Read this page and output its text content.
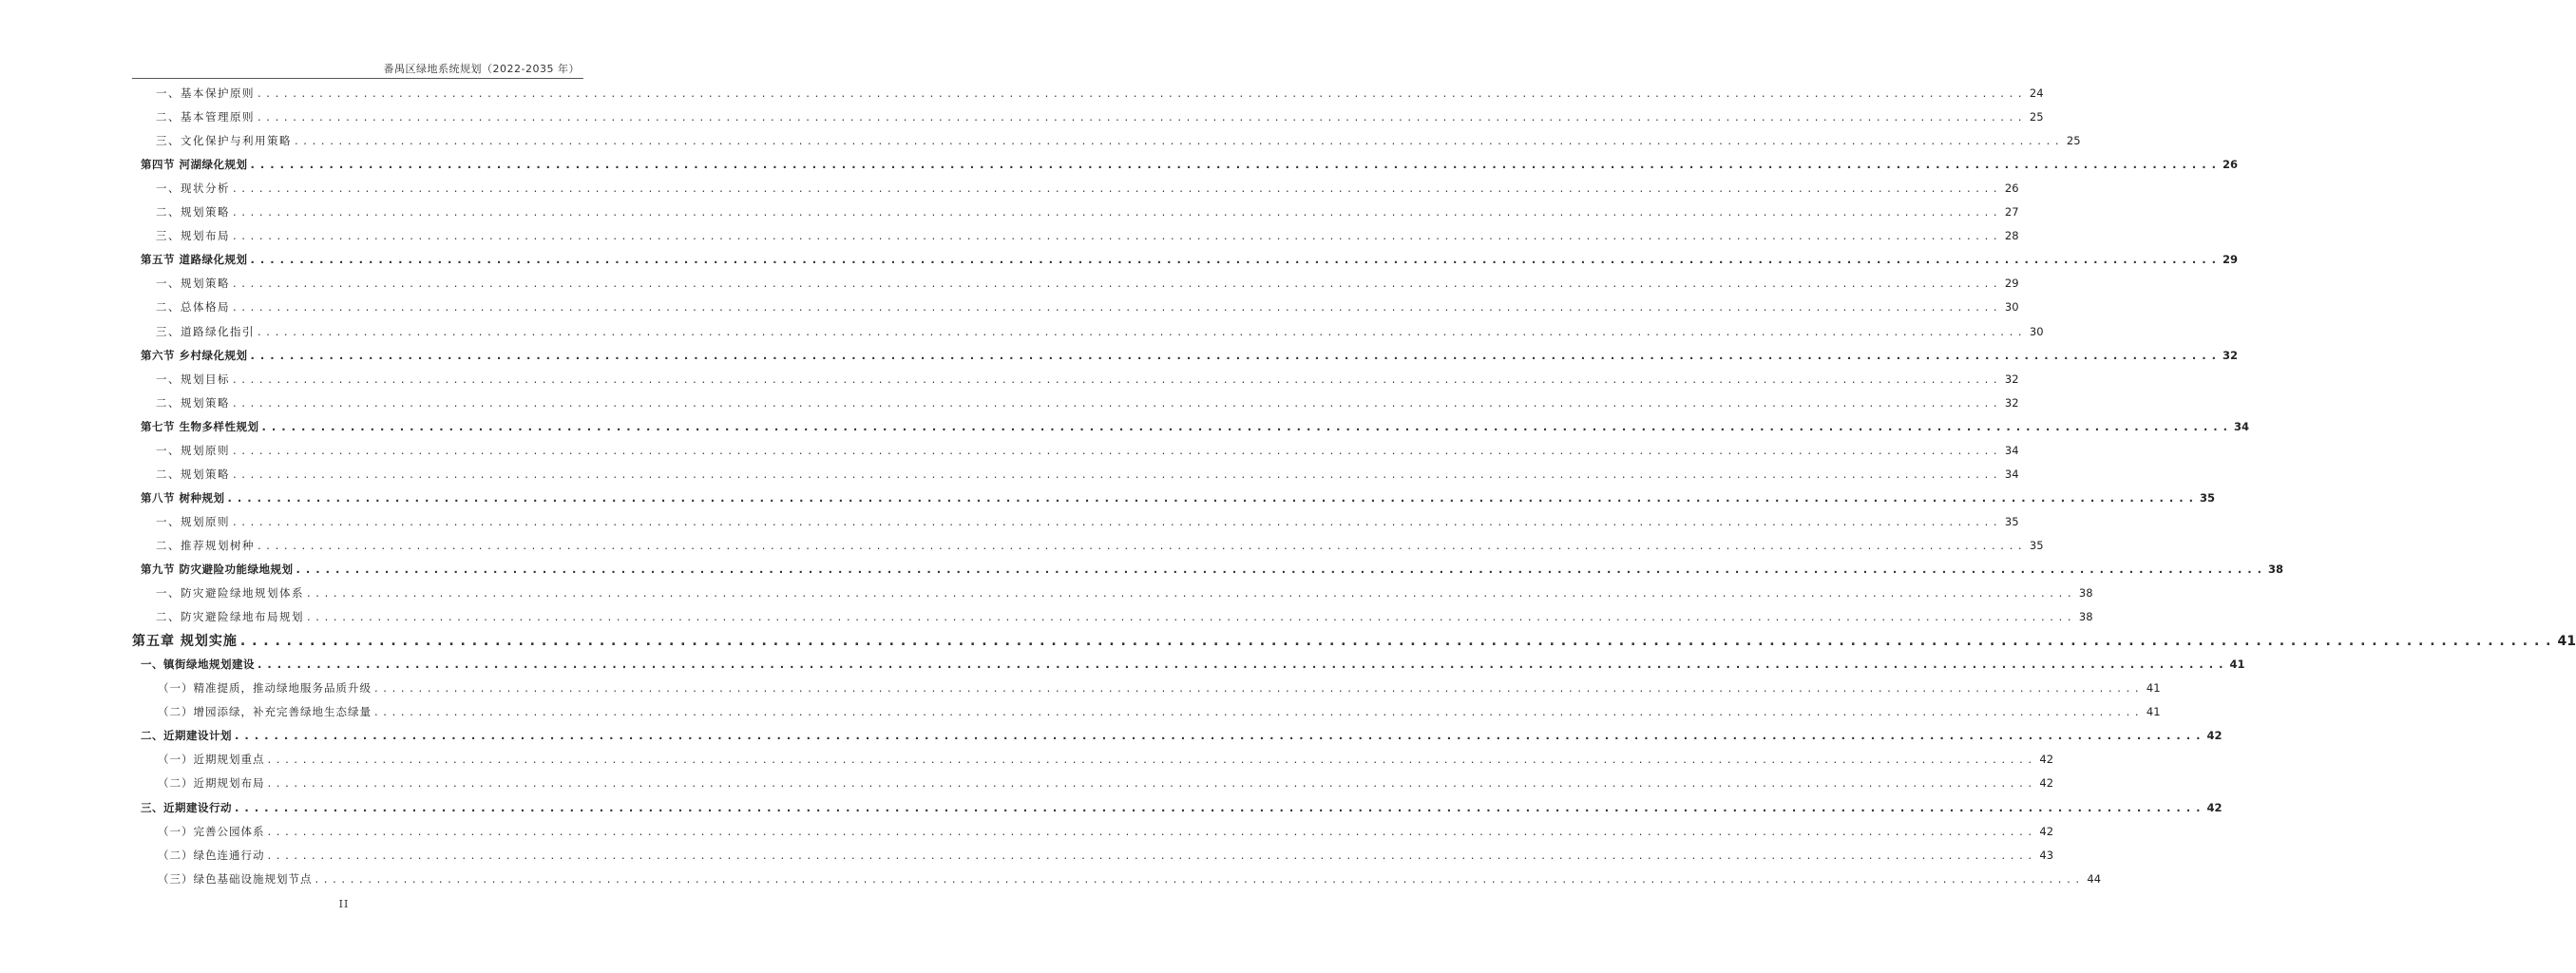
番禺区绿地系统规划（2022-2035 年）
一、基本保护原则 . . . . . . . . . . . . . . . . . . . . . . . . . . . . . . . . . . . . . . . . . . . . . . . . . . . . . . . . . . . . . . . . . . . . . . . . . . . . . . . . . . . . . . . . . . . . . . . . . . . . . . . . . . . . . . . . . . . . . . . . . . . . . . . . . . . . . . . . . . . . . . . . . . . . . . . . . . . . . . . . . . . . . . . . . . . . . . . . . . . . . . . . . . . . . . . . . . . . . . . . 24
二、基本管理原则 . . . . . . . . . . . . . . . . . . . . . . . . . . . . . . . . . . . . . . . . . . . . . . . . . . . . . . . . . . . . . . . . . . . . . . . . . . . . . . . . . . . . . . . . . . . . . . . . . . . . . . . . . . . . . . . . . . . . . . . . . . . . . . . . . . . . . . . . . . . . . . . . . . . . . . . . . . . . . . . . . . . . . . . . . . . . . . . . . . . . . . . . . . . . . . . . . . . . . . . . 25
三、文化保护与利用策略 . . . . . . . . . . . . . . . . . . . . . . . . . . . . . . . . . . . . . . . . . . . . . . . . . . . . . . . . . . . . . . . . . . . . . . . . . . . . . . . . . . . . . . . . . . . . . . . . . . . . . . . . . . . . . . . . . . . . . . . . . . . . . . . . . . . . . . . . . . . . . . . . . . . . . . . . . . . . . . . . . . . . . . . . . . . . . . . . . . . . . . . . . . . . . . . . . . . . . . . . 25
第四节 河湖绿化规划 . . . . . . . . . . . . . . . . . . . . . . . . . . . . . . . . . . . . . . . . . . . . . . . . . . . . . . . . . . . . . . . . . . . . . . . . . . . . . . . . . . . . . . . . . . . . . . . . . . . . . . . . . . . . . . . . . . . . . . . . . . . . . . . . . . . . . . . . . . . . . . . . . . . . . . . . . . . . . . . . . . . . . . . . . . . . . . . . . . . . . . . . . . . . . . . . . . . . . . . . 26
一、现状分析 . . . . . . . . . . . . . . . . . . . . . . . . . . . . . . . . . . . . . . . . . . . . . . . . . . . . . . . . . . . . . . . . . . . . . . . . . . . . . . . . . . . . . . . . . . . . . . . . . . . . . . . . . . . . . . . . . . . . . . . . . . . . . . . . . . . . . . . . . . . . . . . . . . . . . . . . . . . . . . . . . . . . . . . . . . . . . . . . . . . . . . . . . . . . . . . . . . . . . . . . 26
二、规划策略 . . . . . . . . . . . . . . . . . . . . . . . . . . . . . . . . . . . . . . . . . . . . . . . . . . . . . . . . . . . . . . . . . . . . . . . . . . . . . . . . . . . . . . . . . . . . . . . . . . . . . . . . . . . . . . . . . . . . . . . . . . . . . . . . . . . . . . . . . . . . . . . . . . . . . . . . . . . . . . . . . . . . . . . . . . . . . . . . . . . . . . . . . . . . . . . . . . . . . . . . 27
三、规划布局 . . . . . . . . . . . . . . . . . . . . . . . . . . . . . . . . . . . . . . . . . . . . . . . . . . . . . . . . . . . . . . . . . . . . . . . . . . . . . . . . . . . . . . . . . . . . . . . . . . . . . . . . . . . . . . . . . . . . . . . . . . . . . . . . . . . . . . . . . . . . . . . . . . . . . . . . . . . . . . . . . . . . . . . . . . . . . . . . . . . . . . . . . . . . . . . . . . . . . . . . 28
第五节 道路绿化规划 . . . . . . . . . . . . . . . . . . . . . . . . . . . . . . . . . . . . . . . . . . . . . . . . . . . . . . . . . . . . . . . . . . . . . . . . . . . . . . . . . . . . . . . . . . . . . . . . . . . . . . . . . . . . . . . . . . . . . . . . . . . . . . . . . . . . . . . . . . . . . . . . . . . . . . . . . . . . . . . . . . . . . . . . . . . . . . . . . . . . . . . . . . . . . . . . . . . . . . . . 29
一、规划策略 . . . . . . . . . . . . . . . . . . . . . . . . . . . . . . . . . . . . . . . . . . . . . . . . . . . . . . . . . . . . . . . . . . . . . . . . . . . . . . . . . . . . . . . . . . . . . . . . . . . . . . . . . . . . . . . . . . . . . . . . . . . . . . . . . . . . . . . . . . . . . . . . . . . . . . . . . . . . . . . . . . . . . . . . . . . . . . . . . . . . . . . . . . . . . . . . . . . . . . . . 29
二、总体格局 . . . . . . . . . . . . . . . . . . . . . . . . . . . . . . . . . . . . . . . . . . . . . . . . . . . . . . . . . . . . . . . . . . . . . . . . . . . . . . . . . . . . . . . . . . . . . . . . . . . . . . . . . . . . . . . . . . . . . . . . . . . . . . . . . . . . . . . . . . . . . . . . . . . . . . . . . . . . . . . . . . . . . . . . . . . . . . . . . . . . . . . . . . . . . . . . . . . . . . . . 30
三、道路绿化指引 . . . . . . . . . . . . . . . . . . . . . . . . . . . . . . . . . . . . . . . . . . . . . . . . . . . . . . . . . . . . . . . . . . . . . . . . . . . . . . . . . . . . . . . . . . . . . . . . . . . . . . . . . . . . . . . . . . . . . . . . . . . . . . . . . . . . . . . . . . . . . . . . . . . . . . . . . . . . . . . . . . . . . . . . . . . . . . . . . . . . . . . . . . . . . . . . . . . . . . . . 30
第六节 乡村绿化规划 . . . . . . . . . . . . . . . . . . . . . . . . . . . . . . . . . . . . . . . . . . . . . . . . . . . . . . . . . . . . . . . . . . . . . . . . . . . . . . . . . . . . . . . . . . . . . . . . . . . . . . . . . . . . . . . . . . . . . . . . . . . . . . . . . . . . . . . . . . . . . . . . . . . . . . . . . . . . . . . . . . . . . . . . . . . . . . . . . . . . . . . . . . . . . . . . . . . . . . . . 32
一、规划目标 . . . . . . . . . . . . . . . . . . . . . . . . . . . . . . . . . . . . . . . . . . . . . . . . . . . . . . . . . . . . . . . . . . . . . . . . . . . . . . . . . . . . . . . . . . . . . . . . . . . . . . . . . . . . . . . . . . . . . . . . . . . . . . . . . . . . . . . . . . . . . . . . . . . . . . . . . . . . . . . . . . . . . . . . . . . . . . . . . . . . . . . . . . . . . . . . . . . . . . . . 32
二、规划策略 . . . . . . . . . . . . . . . . . . . . . . . . . . . . . . . . . . . . . . . . . . . . . . . . . . . . . . . . . . . . . . . . . . . . . . . . . . . . . . . . . . . . . . . . . . . . . . . . . . . . . . . . . . . . . . . . . . . . . . . . . . . . . . . . . . . . . . . . . . . . . . . . . . . . . . . . . . . . . . . . . . . . . . . . . . . . . . . . . . . . . . . . . . . . . . . . . . . . . . . . 32
第七节 生物多样性规划 . . . . . . . . . . . . . . . . . . . . . . . . . . . . . . . . . . . . . . . . . . . . . . . . . . . . . . . . . . . . . . . . . . . . . . . . . . . . . . . . . . . . . . . . . . . . . . . . . . . . . . . . . . . . . . . . . . . . . . . . . . . . . . . . . . . . . . . . . . . . . . . . . . . . . . . . . . . . . . . . . . . . . . . . . . . . . . . . . . . . . . . . . . . . . . . . . . . . . . . . 34
一、规划原则 . . . . . . . . . . . . . . . . . . . . . . . . . . . . . . . . . . . . . . . . . . . . . . . . . . . . . . . . . . . . . . . . . . . . . . . . . . . . . . . . . . . . . . . . . . . . . . . . . . . . . . . . . . . . . . . . . . . . . . . . . . . . . . . . . . . . . . . . . . . . . . . . . . . . . . . . . . . . . . . . . . . . . . . . . . . . . . . . . . . . . . . . . . . . . . . . . . . . . . . . 34
二、规划策略 . . . . . . . . . . . . . . . . . . . . . . . . . . . . . . . . . . . . . . . . . . . . . . . . . . . . . . . . . . . . . . . . . . . . . . . . . . . . . . . . . . . . . . . . . . . . . . . . . . . . . . . . . . . . . . . . . . . . . . . . . . . . . . . . . . . . . . . . . . . . . . . . . . . . . . . . . . . . . . . . . . . . . . . . . . . . . . . . . . . . . . . . . . . . . . . . . . . . . . . . 34
第八节 树种规划 . . . . . . . . . . . . . . . . . . . . . . . . . . . . . . . . . . . . . . . . . . . . . . . . . . . . . . . . . . . . . . . . . . . . . . . . . . . . . . . . . . . . . . . . . . . . . . . . . . . . . . . . . . . . . . . . . . . . . . . . . . . . . . . . . . . . . . . . . . . . . . . . . . . . . . . . . . . . . . . . . . . . . . . . . . . . . . . . . . . . . . . . . . . . . . . . . . . . . . . . 35
一、规划原则 . . . . . . . . . . . . . . . . . . . . . . . . . . . . . . . . . . . . . . . . . . . . . . . . . . . . . . . . . . . . . . . . . . . . . . . . . . . . . . . . . . . . . . . . . . . . . . . . . . . . . . . . . . . . . . . . . . . . . . . . . . . . . . . . . . . . . . . . . . . . . . . . . . . . . . . . . . . . . . . . . . . . . . . . . . . . . . . . . . . . . . . . . . . . . . . . . . . . . . . . 35
二、推荐规划树种 . . . . . . . . . . . . . . . . . . . . . . . . . . . . . . . . . . . . . . . . . . . . . . . . . . . . . . . . . . . . . . . . . . . . . . . . . . . . . . . . . . . . . . . . . . . . . . . . . . . . . . . . . . . . . . . . . . . . . . . . . . . . . . . . . . . . . . . . . . . . . . . . . . . . . . . . . . . . . . . . . . . . . . . . . . . . . . . . . . . . . . . . . . . . . . . . . . . . . . . . 35
第九节 防灾避险功能绿地规划 . . . . . . . . . . . . . . . . . . . . . . . . . . . . . . . . . . . . . . . . . . . . . . . . . . . . . . . . . . . . . . . . . . . . . . . . . . . . . . . . . . . . . . . . . . . . . . . . . . . . . . . . . . . . . . . . . . . . . . . . . . . . . . . . . . . . . . . . . . . . . . . . . . . . . . . . . . . . . . . . . . . . . . . . . . . . . . . . . . . . . . . . . . . . . . . . . . . . . . . . 38
一、防灾避险绿地规划体系 . . . . . . . . . . . . . . . . . . . . . . . . . . . . . . . . . . . . . . . . . . . . . . . . . . . . . . . . . . . . . . . . . . . . . . . . . . . . . . . . . . . . . . . . . . . . . . . . . . . . . . . . . . . . . . . . . . . . . . . . . . . . . . . . . . . . . . . . . . . . . . . . . . . . . . . . . . . . . . . . . . . . . . . . . . . . . . . . . . . . . . . . . . . . . . . . . . . . . . . . 38
二、防灾避险绿地布局规划 . . . . . . . . . . . . . . . . . . . . . . . . . . . . . . . . . . . . . . . . . . . . . . . . . . . . . . . . . . . . . . . . . . . . . . . . . . . . . . . . . . . . . . . . . . . . . . . . . . . . . . . . . . . . . . . . . . . . . . . . . . . . . . . . . . . . . . . . . . . . . . . . . . . . . . . . . . . . . . . . . . . . . . . . . . . . . . . . . . . . . . . . . . . . . . . . . . . . . . . . 38
第五章 规划实施 . . . . . . . . . . . . . . . . . . . . . . . . . . . . . . . . . . . . . . . . . . . . . . . . . . . . . . . . . . . . . . . . . . . . . . . . . . . . . . . . . . . . . . . . . . . . . . . . . . . . . . . . . . . . . . . . . . . . . . . . . . . . . . . . . . . . . . . . . . . . . . . . . . . . . . . . . . . . . . . . . . . . . . . . . . . . . . . . . . . . . . . . . . . . . . . . . . . . . . . . 41
一、镇街绿地规划建设 . . . . . . . . . . . . . . . . . . . . . . . . . . . . . . . . . . . . . . . . . . . . . . . . . . . . . . . . . . . . . . . . . . . . . . . . . . . . . . . . . . . . . . . . . . . . . . . . . . . . . . . . . . . . . . . . . . . . . . . . . . . . . . . . . . . . . . . . . . . . . . . . . . . . . . . . . . . . . . . . . . . . . . . . . . . . . . . . . . . . . . . . . . . . . . . . . . . . . . . . 41
（一）精准提质，推动绿地服务品质升级 . . . . . . . . . . . . . . . . . . . . . . . . . . . . . . . . . . . . . . . . . . . . . . . . . . . . . . . . . . . . . . . . . . . . . . . . . . . . . . . . . . . . . . . . . . . . . . . . . . . . . . . . . . . . . . . . . . . . . . . . . . . . . . . . . . . . . . . . . . . . . . . . . . . . . . . . . . . . . . . . . . . . . . . . . . . . . . . . . . . . . . . . . . . . . . . . . . . . . . . . 41
（二）增园添绿，补充完善绿地生态绿量 . . . . . . . . . . . . . . . . . . . . . . . . . . . . . . . . . . . . . . . . . . . . . . . . . . . . . . . . . . . . . . . . . . . . . . . . . . . . . . . . . . . . . . . . . . . . . . . . . . . . . . . . . . . . . . . . . . . . . . . . . . . . . . . . . . . . . . . . . . . . . . . . . . . . . . . . . . . . . . . . . . . . . . . . . . . . . . . . . . . . . . . . . . . . . . . . . . . . . . . . 41
二、近期建设计划 . . . . . . . . . . . . . . . . . . . . . . . . . . . . . . . . . . . . . . . . . . . . . . . . . . . . . . . . . . . . . . . . . . . . . . . . . . . . . . . . . . . . . . . . . . . . . . . . . . . . . . . . . . . . . . . . . . . . . . . . . . . . . . . . . . . . . . . . . . . . . . . . . . . . . . . . . . . . . . . . . . . . . . . . . . . . . . . . . . . . . . . . . . . . . . . . . . . . . . . . 42
（一）近期规划重点 . . . . . . . . . . . . . . . . . . . . . . . . . . . . . . . . . . . . . . . . . . . . . . . . . . . . . . . . . . . . . . . . . . . . . . . . . . . . . . . . . . . . . . . . . . . . . . . . . . . . . . . . . . . . . . . . . . . . . . . . . . . . . . . . . . . . . . . . . . . . . . . . . . . . . . . . . . . . . . . . . . . . . . . . . . . . . . . . . . . . . . . . . . . . . . . . . . . . . . . . 42
（二）近期规划布局 . . . . . . . . . . . . . . . . . . . . . . . . . . . . . . . . . . . . . . . . . . . . . . . . . . . . . . . . . . . . . . . . . . . . . . . . . . . . . . . . . . . . . . . . . . . . . . . . . . . . . . . . . . . . . . . . . . . . . . . . . . . . . . . . . . . . . . . . . . . . . . . . . . . . . . . . . . . . . . . . . . . . . . . . . . . . . . . . . . . . . . . . . . . . . . . . . . . . . . . . 42
三、近期建设行动 . . . . . . . . . . . . . . . . . . . . . . . . . . . . . . . . . . . . . . . . . . . . . . . . . . . . . . . . . . . . . . . . . . . . . . . . . . . . . . . . . . . . . . . . . . . . . . . . . . . . . . . . . . . . . . . . . . . . . . . . . . . . . . . . . . . . . . . . . . . . . . . . . . . . . . . . . . . . . . . . . . . . . . . . . . . . . . . . . . . . . . . . . . . . . . . . . . . . . . . . 42
（一）完善公园体系 . . . . . . . . . . . . . . . . . . . . . . . . . . . . . . . . . . . . . . . . . . . . . . . . . . . . . . . . . . . . . . . . . . . . . . . . . . . . . . . . . . . . . . . . . . . . . . . . . . . . . . . . . . . . . . . . . . . . . . . . . . . . . . . . . . . . . . . . . . . . . . . . . . . . . . . . . . . . . . . . . . . . . . . . . . . . . . . . . . . . . . . . . . . . . . . . . . . . . . . . 42
（二）绿色连通行动 . . . . . . . . . . . . . . . . . . . . . . . . . . . . . . . . . . . . . . . . . . . . . . . . . . . . . . . . . . . . . . . . . . . . . . . . . . . . . . . . . . . . . . . . . . . . . . . . . . . . . . . . . . . . . . . . . . . . . . . . . . . . . . . . . . . . . . . . . . . . . . . . . . . . . . . . . . . . . . . . . . . . . . . . . . . . . . . . . . . . . . . . . . . . . . . . . . . . . . . . 43
（三）绿色基础设施规划节点 . . . . . . . . . . . . . . . . . . . . . . . . . . . . . . . . . . . . . . . . . . . . . . . . . . . . . . . . . . . . . . . . . . . . . . . . . . . . . . . . . . . . . . . . . . . . . . . . . . . . . . . . . . . . . . . . . . . . . . . . . . . . . . . . . . . . . . . . . . . . . . . . . . . . . . . . . . . . . . . . . . . . . . . . . . . . . . . . . . . . . . . . . . . . . . . . . . . . . . . . 44
II
